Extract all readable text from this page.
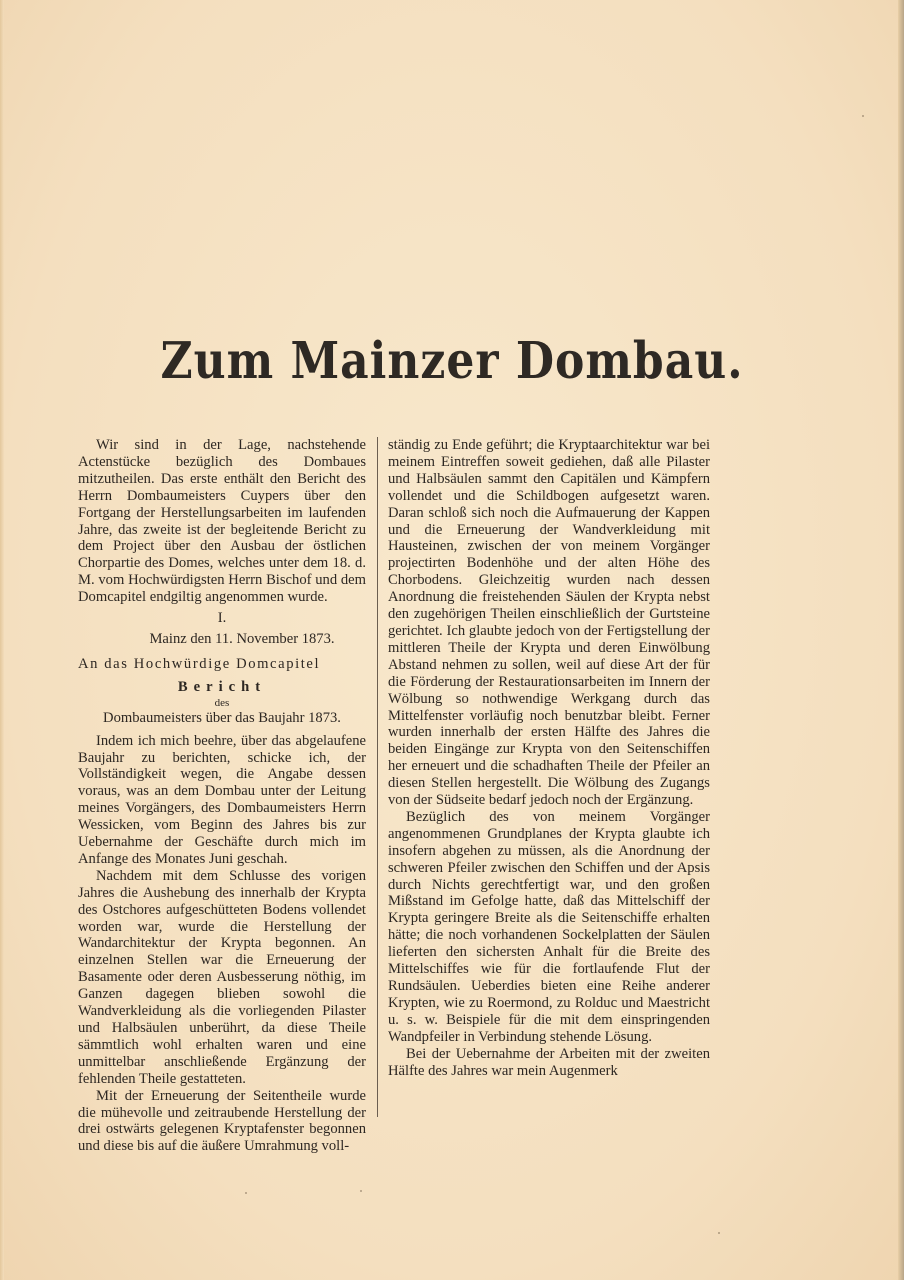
Zum Mainzer Dombau.

Wir sind in der Lage, nachstehende Actenstücke bezüglich des Dombaues mitzutheilen. Das erste enthält den Bericht des Herrn Dombaumeisters Cuypers über den Fortgang der Herstellungsarbeiten im laufenden Jahre, das zweite ist der begleitende Bericht zu dem Project über den Ausbau der östlichen Chorpartie des Domes, welches unter dem 18. d. M. vom Hochwürdigsten Herrn Bischof und dem Domcapitel endgiltig angenommen wurde.

I.
Mainz den 11. November 1873.
An das Hochwürdige Domcapitel
Bericht
des
Dombaumeisters über das Baujahr 1873.

Indem ich mich beehre, über das abgelaufene Baujahr zu berichten, schicke ich, der Vollständigkeit wegen, die Angabe dessen voraus, was an dem Dombau unter der Leitung meines Vorgängers, des Dombaumeisters Herrn Wessicken, vom Beginn des Jahres bis zur Uebernahme der Geschäfte durch mich im Anfange des Monates Juni geschah.

Nachdem mit dem Schlusse des vorigen Jahres die Aushebung des innerhalb der Krypta des Ostchores aufgeschütteten Bodens vollendet worden war, wurde die Herstellung der Wandarchitektur der Krypta begonnen. An einzelnen Stellen war die Erneuerung der Basamente oder deren Ausbesserung nöthig, im Ganzen dagegen blieben sowohl die Wandverkleidung als die vorliegenden Pilaster und Halbsäulen unberührt, da diese Theile sämmtlich wohl erhalten waren und eine unmittelbar anschließende Ergänzung der fehlenden Theile gestatteten.

Mit der Erneuerung der Seitentheile wurde die mühevolle und zeitraubende Herstellung der drei ostwärts gelegenen Kryptafenster begonnen und diese bis auf die äußere Umrahmung voll-

ständig zu Ende geführt; die Kryptaarchitektur war bei meinem Eintreffen soweit gediehen, daß alle Pilaster und Halbsäulen sammt den Capitälen und Kämpfern vollendet und die Schildbogen aufgesetzt waren. Daran schloß sich noch die Aufmauerung der Kappen und die Erneuerung der Wandverkleidung mit Hausteinen, zwischen der von meinem Vorgänger projectirten Bodenhöhe und der alten Höhe des Chorbodens. Gleichzeitig wurden nach dessen Anordnung die freistehenden Säulen der Krypta nebst den zugehörigen Theilen einschließlich der Gurtsteine gerichtet. Ich glaubte jedoch von der Fertigstellung der mittleren Theile der Krypta und deren Einwölbung Abstand nehmen zu sollen, weil auf diese Art der für die Förderung der Restaurationsarbeiten im Innern der Wölbung so nothwendige Werkgang durch das Mittelfenster vorläufig noch benutzbar bleibt. Ferner wurden innerhalb der ersten Hälfte des Jahres die beiden Eingänge zur Krypta von den Seitenschiffen her erneuert und die schadhaften Theile der Pfeiler an diesen Stellen hergestellt. Die Wölbung des Zugangs von der Südseite bedarf jedoch noch der Ergänzung.

Bezüglich des von meinem Vorgänger angenommenen Grundplanes der Krypta glaubte ich insofern abgehen zu müssen, als die Anordnung der schweren Pfeiler zwischen den Schiffen und der Apsis durch Nichts gerechtfertigt war, und den großen Mißstand im Gefolge hatte, daß das Mittelschiff der Krypta geringere Breite als die Seitenschiffe erhalten hätte; die noch vorhandenen Sockelplatten der Säulen lieferten den sichersten Anhalt für die Breite des Mittelschiffes wie für die fortlaufende Flut der Rundsäulen. Ueberdies bieten eine Reihe anderer Krypten, wie zu Roermond, zu Rolduc und Maestricht u. s. w. Beispiele für die mit dem einspringenden Wandpfeiler in Verbindung stehende Lösung.

Bei der Uebernahme der Arbeiten mit der zweiten Hälfte des Jahres war mein Augenmerk
